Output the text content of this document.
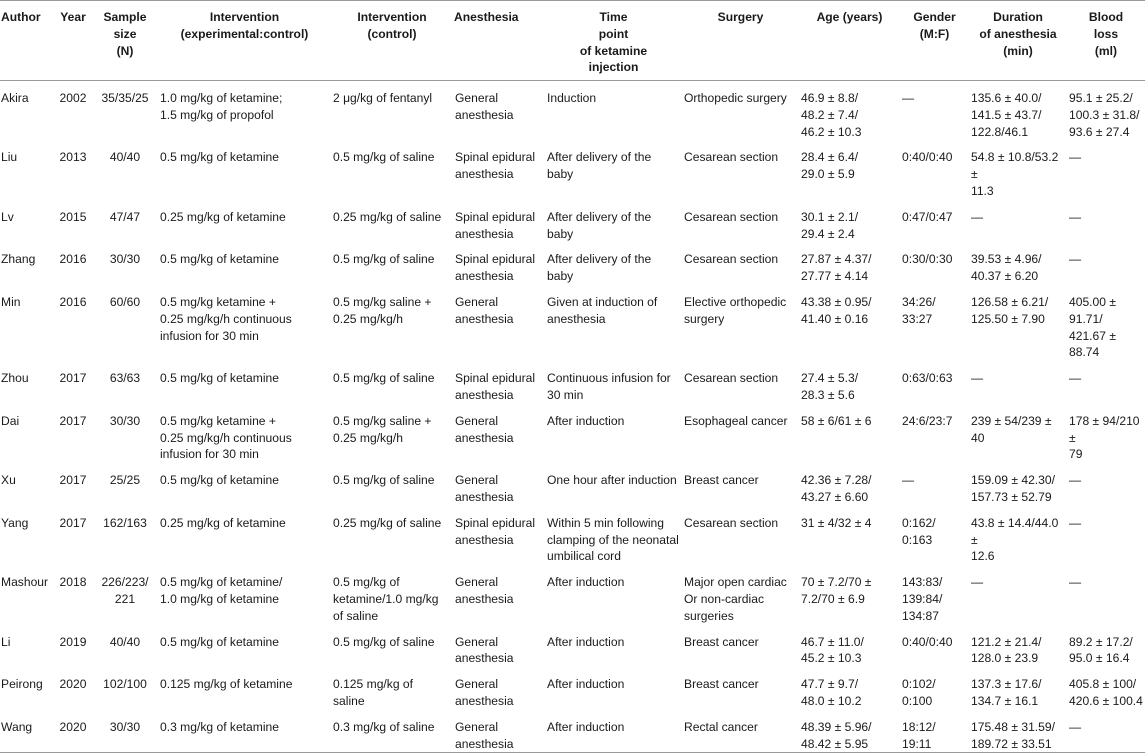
Author	Year	Sample
size
(N)	Intervention
(experimental:control)	Intervention
(control)	Anesthesia	Time
point
of ketamine
injection	Surgery	Age (years)	Gender
(M:F)	Duration
of anesthesia
(min)	Blood
loss
(ml)
Akira	2002	35/35/25	1.0 mg/kg of ketamine;
1.5 mg/kg of propofol	2 μg/kg of fentanyl	General
anesthesia	Induction	Orthopedic surgery	46.9 ± 8.8/
48.2 ± 7.4/
46.2 ± 10.3	—	135.6 ± 40.0/
141.5 ± 43.7/
122.8/46.1	95.1 ± 25.2/
100.3 ± 31.8/
93.6 ± 27.4
Liu	2013	40/40	0.5 mg/kg of ketamine	0.5 mg/kg of saline	Spinal epidural
anesthesia	After delivery of the baby	Cesarean section	28.4 ± 6.4/
29.0 ± 5.9	0:40/0:40	54.8 ± 10.8/53.2 ±
11.3	—
Lv	2015	47/47	0.25 mg/kg of ketamine	0.25 mg/kg of saline	Spinal epidural
anesthesia	After delivery of the baby	Cesarean section	30.1 ± 2.1/
29.4 ± 2.4	0:47/0:47	—	—
Zhang	2016	30/30	0.5 mg/kg of ketamine	0.5 mg/kg of saline	Spinal epidural
anesthesia	After delivery of the baby	Cesarean section	27.87 ± 4.37/
27.77 ± 4.14	0:30/0:30	39.53 ± 4.96/
40.37 ± 6.20	—
Min	2016	60/60	0.5 mg/kg ketamine +
0.25 mg/kg/h continuous
infusion for 30 min	0.5 mg/kg saline +
0.25 mg/kg/h	General
anesthesia	Given at induction of
anesthesia	Elective orthopedic
surgery	43.38 ± 0.95/
41.40 ± 0.16	34:26/
33:27	126.58 ± 6.21/
125.50 ± 7.90	405.00 ± 91.71/
421.67 ± 88.74
Zhou	2017	63/63	0.5 mg/kg of ketamine	0.5 mg/kg of saline	Spinal epidural
anesthesia	Continuous infusion for
30 min	Cesarean section	27.4 ± 5.3/
28.3 ± 5.6	0:63/0:63	—	—
Dai	2017	30/30	0.5 mg/kg ketamine +
0.25 mg/kg/h continuous
infusion for 30 min	0.5 mg/kg saline +
0.25 mg/kg/h	General
anesthesia	After induction	Esophageal cancer	58 ± 6/61 ± 6	24:6/23:7	239 ± 54/239 ± 40	178 ± 94/210 ±
79
Xu	2017	25/25	0.5 mg/kg of ketamine	0.5 mg/kg of saline	General
anesthesia	One hour after induction	Breast cancer	42.36 ± 7.28/
43.27 ± 6.60	—	159.09 ± 42.30/
157.73 ± 52.79	—
Yang	2017	162/163	0.25 mg/kg of ketamine	0.25 mg/kg of saline	Spinal epidural
anesthesia	Within 5 min following
clamping of the neonatal
umbilical cord	Cesarean section	31 ± 4/32 ± 4	0:162/
0:163	43.8 ± 14.4/44.0 ±
12.6	—
Mashour	2018	226/223/
221	0.5 mg/kg of ketamine/
1.0 mg/kg of ketamine	0.5 mg/kg of
ketamine/1.0 mg/kg
of saline	General
anesthesia	After induction	Major open cardiac
Or non-cardiac
surgeries	70 ± 7.2/70 ±
7.2/70 ± 6.9	143:83/
139:84/
134:87	—	—
Li	2019	40/40	0.5 mg/kg of ketamine	0.5 mg/kg of saline	General
anesthesia	After induction	Breast cancer	46.7 ± 11.0/
45.2 ± 10.3	0:40/0:40	121.2 ± 21.4/
128.0 ± 23.9	89.2 ± 17.2/
95.0 ± 16.4
Peirong	2020	102/100	0.125 mg/kg of ketamine	0.125 mg/kg of
saline	General
anesthesia	After induction	Breast cancer	47.7 ± 9.7/
48.0 ± 10.2	0:102/
0:100	137.3 ± 17.6/
134.7 ± 16.1	405.8 ± 100/
420.6 ± 100.4
Wang	2020	30/30	0.3 mg/kg of ketamine	0.3 mg/kg of saline	General
anesthesia	After induction	Rectal cancer	48.39 ± 5.96/
48.42 ± 5.95	18:12/
19:11	175.48 ± 31.59/
189.72 ± 33.51	—
